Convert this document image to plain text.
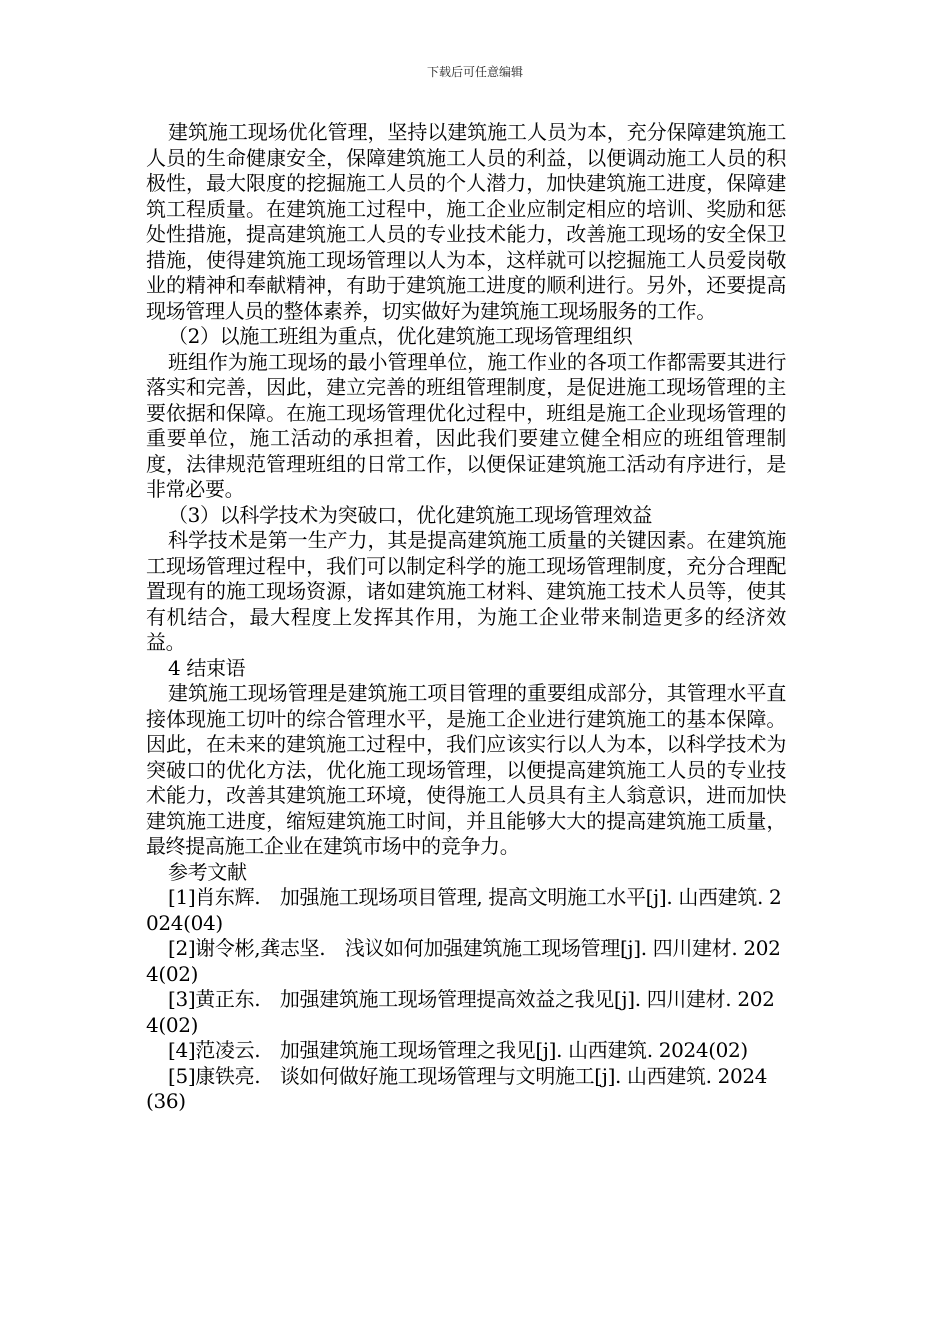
下载后可任意编辑

建筑施工现场优化管理，坚持以建筑施工人员为本，充分保障建筑施工人员的生命健康安全，保障建筑施工人员的利益，以便调动施工人员的积极性，最大限度的挖掘施工人员的个人潜力，加快建筑施工进度，保障建筑工程质量。在建筑施工过程中，施工企业应制定相应的培训、奖励和惩处性措施，提高建筑施工人员的专业技术能力，改善施工现场的安全保卫措施，使得建筑施工现场管理以人为本，这样就可以挖掘施工人员爱岗敬业的精神和奉献精神，有助于建筑施工进度的顺利进行。另外，还要提高现场管理人员的整体素养，切实做好为建筑施工现场服务的工作。

（2）以施工班组为重点，优化建筑施工现场管理组织

班组作为施工现场的最小管理单位，施工作业的各项工作都需要其进行落实和完善，因此，建立完善的班组管理制度，是促进施工现场管理的主要依据和保障。在施工现场管理优化过程中，班组是施工企业现场管理的重要单位，施工活动的承担着，因此我们要建立健全相应的班组管理制度，法律规范管理班组的日常工作，以便保证建筑施工活动有序进行，是非常必要。

（3）以科学技术为突破口，优化建筑施工现场管理效益

科学技术是第一生产力，其是提高建筑施工质量的关键因素。在建筑施工现场管理过程中，我们可以制定科学的施工现场管理制度，充分合理配置现有的施工现场资源，诸如建筑施工材料、建筑施工技术人员等，使其有机结合，最大程度上发挥其作用，为施工企业带来制造更多的经济效益。

4 结束语

建筑施工现场管理是建筑施工项目管理的重要组成部分，其管理水平直接体现施工切叶的综合管理水平，是施工企业进行建筑施工的基本保障。因此，在未来的建筑施工过程中，我们应该实行以人为本，以科学技术为突破口的优化方法，优化施工现场管理，以便提高建筑施工人员的专业技术能力，改善其建筑施工环境，使得施工人员具有主人翁意识，进而加快建筑施工进度，缩短建筑施工时间，并且能够大大的提高建筑施工质量，最终提高施工企业在建筑市场中的竞争力。

参考文献

[1]肖东辉.　加强施工现场项目管理, 提高文明施工水平[j]. 山西建筑. 2024(04)

[2]谢令彬,龚志坚.　浅议如何加强建筑施工现场管理[j]. 四川建材. 2024(02)

[3]黄正东.　加强建筑施工现场管理提高效益之我见[j]. 四川建材. 2024(02)

[4]范凌云.　加强建筑施工现场管理之我见[j]. 山西建筑. 2024(02)

[5]康铁亮.　谈如何做好施工现场管理与文明施工[j]. 山西建筑. 2024(36)
